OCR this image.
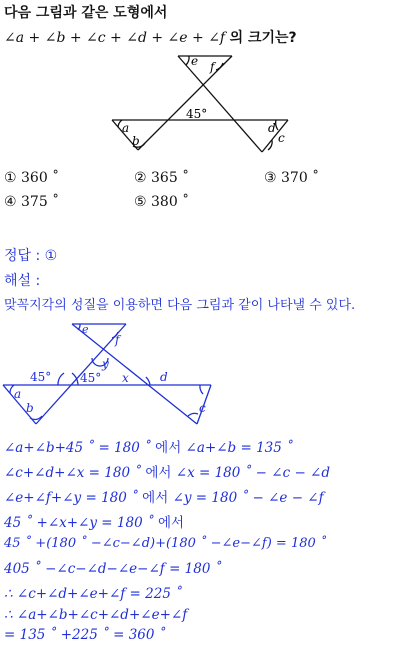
다음 그림과 같은 도형에서
∠a + ∠b + ∠c + ∠d + ∠e + ∠f 의 크기는?
e f
a
b
d
c
45°
① 360 ˚	② 365 ˚	③ 370 ˚
④ 375 ˚	⑤ 380 ˚
정답 : ①
해설 :
맞꼭지각의 성질을 이용하면 다음 그림과 같이 나타낼 수 있다.
e
f
y
45° 45° x	d
a
b	c
∠a+∠b+45 ˚ = 180 ˚ 에서 ∠a+∠b = 135 ˚
∠c+∠d+∠x = 180 ˚ 에서 ∠x = 180 ˚ − ∠c − ∠d
∠e+∠f+∠y = 180 ˚ 에서 ∠y = 180 ˚ − ∠e − ∠f
45 ˚ +∠x+∠y = 180 ˚ 에서
45 ˚ +(180 ˚ −∠c−∠d)+(180 ˚ −∠e−∠f) = 180 ˚
405 ˚ −∠c−∠d−∠e−∠f = 180 ˚
∴ ∠c+∠d+∠e+∠f = 225 ˚
∴ ∠a+∠b+∠c+∠d+∠e+∠f
= 135 ˚ +225 ˚ = 360 ˚
